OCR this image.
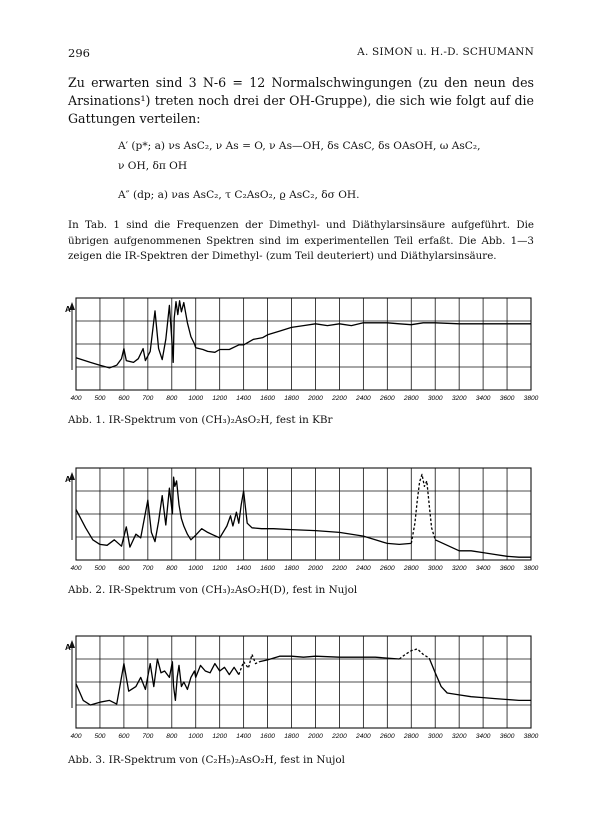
296	A. SIMON u. H.-D. SCHUMANN

Zu erwarten sind 3 N-6 = 12 Normalschwingungen (zu den neun des Arsinations¹) treten noch drei der OH-Gruppe), die sich wie folgt auf die Gattungen verteilen:

A′ (p*; a) νs AsC₂, ν As = O, ν As—OH, δs CAsC, δs OAsOH, ω AsC₂,

ν OH, δπ OH

A″ (dp; a) νas AsC₂, τ C₂AsO₂, ϱ AsC₂, δσ OH.

In Tab. 1 sind die Frequenzen der Dimethyl- und Diäthylarsinsäure aufgeführt. Die übrigen aufgenommenen Spektren sind im experimentellen Teil erfaßt. Die Abb. 1—3 zeigen die IR-Spektren der Dimethyl- (zum Teil deuteriert) und Diäthylarsinsäure.

A
400 500 600 700 800 1000 1200 1400 1600 1800 2000 2200 2400 2600 2800 3000 3200 3400 3600 3800

Abb. 1. IR-Spektrum von (CH₃)₂AsO₂H, fest in KBr

A
400 500 600 700 800 1000 1200 1400 1600 1800 2000 2200 2400 2600 2800 3000 3200 3400 3600 3800

Abb. 2. IR-Spektrum von (CH₃)₂AsO₂H(D), fest in Nujol

A
400 500 600 700 800 1000 1200 1400 1600 1800 2000 2200 2400 2600 2800 3000 3200 3400 3600 3800

Abb. 3. IR-Spektrum von (C₂H₅)₂AsO₂H, fest in Nujol
